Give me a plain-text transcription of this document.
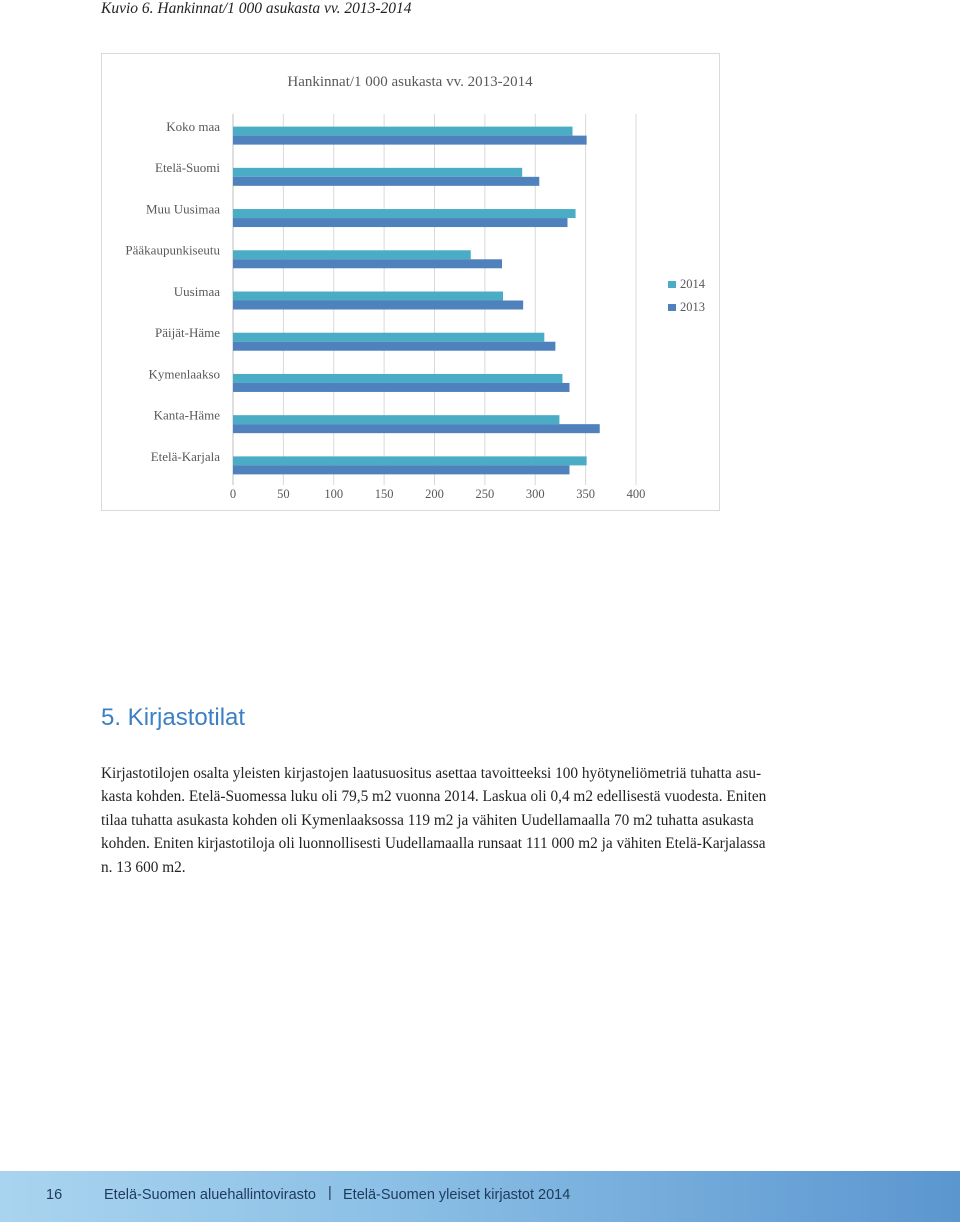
Kuvio 6. Hankinnat/1 000 asukasta vv. 2013-2014
Hankinnat/1 000 asukasta vv. 2013-2014
Koko maa
Etelä-Suomi
Muu Uusimaa
Pääkaupunkiseutu
Uusimaa
Päijät-Häme
Kymenlaakso
Kanta-Häme
Etelä-Karjala
0	50	100	150	200	250	300	350	400
2014
2013
5. Kirjastotilat
Kirjastotilojen osalta yleisten kirjastojen laatusuositus asettaa tavoitteeksi 100 hyötyneliömetriä tuhatta asu-
kasta kohden. Etelä-Suomessa luku oli 79,5 m2 vuonna 2014. Laskua oli 0,4 m2 edellisestä vuodesta. Eniten
tilaa tuhatta asukasta kohden oli Kymenlaaksossa 119 m2 ja vähiten Uudellamaalla 70 m2 tuhatta asukasta
kohden. Eniten kirjastotiloja oli luonnollisesti Uudellamaalla runsaat 111 000 m2 ja vähiten Etelä-Karjalassa
n. 13 600 m2.
16	Etelä-Suomen aluehallintovirasto | Etelä-Suomen yleiset kirjastot 2014
